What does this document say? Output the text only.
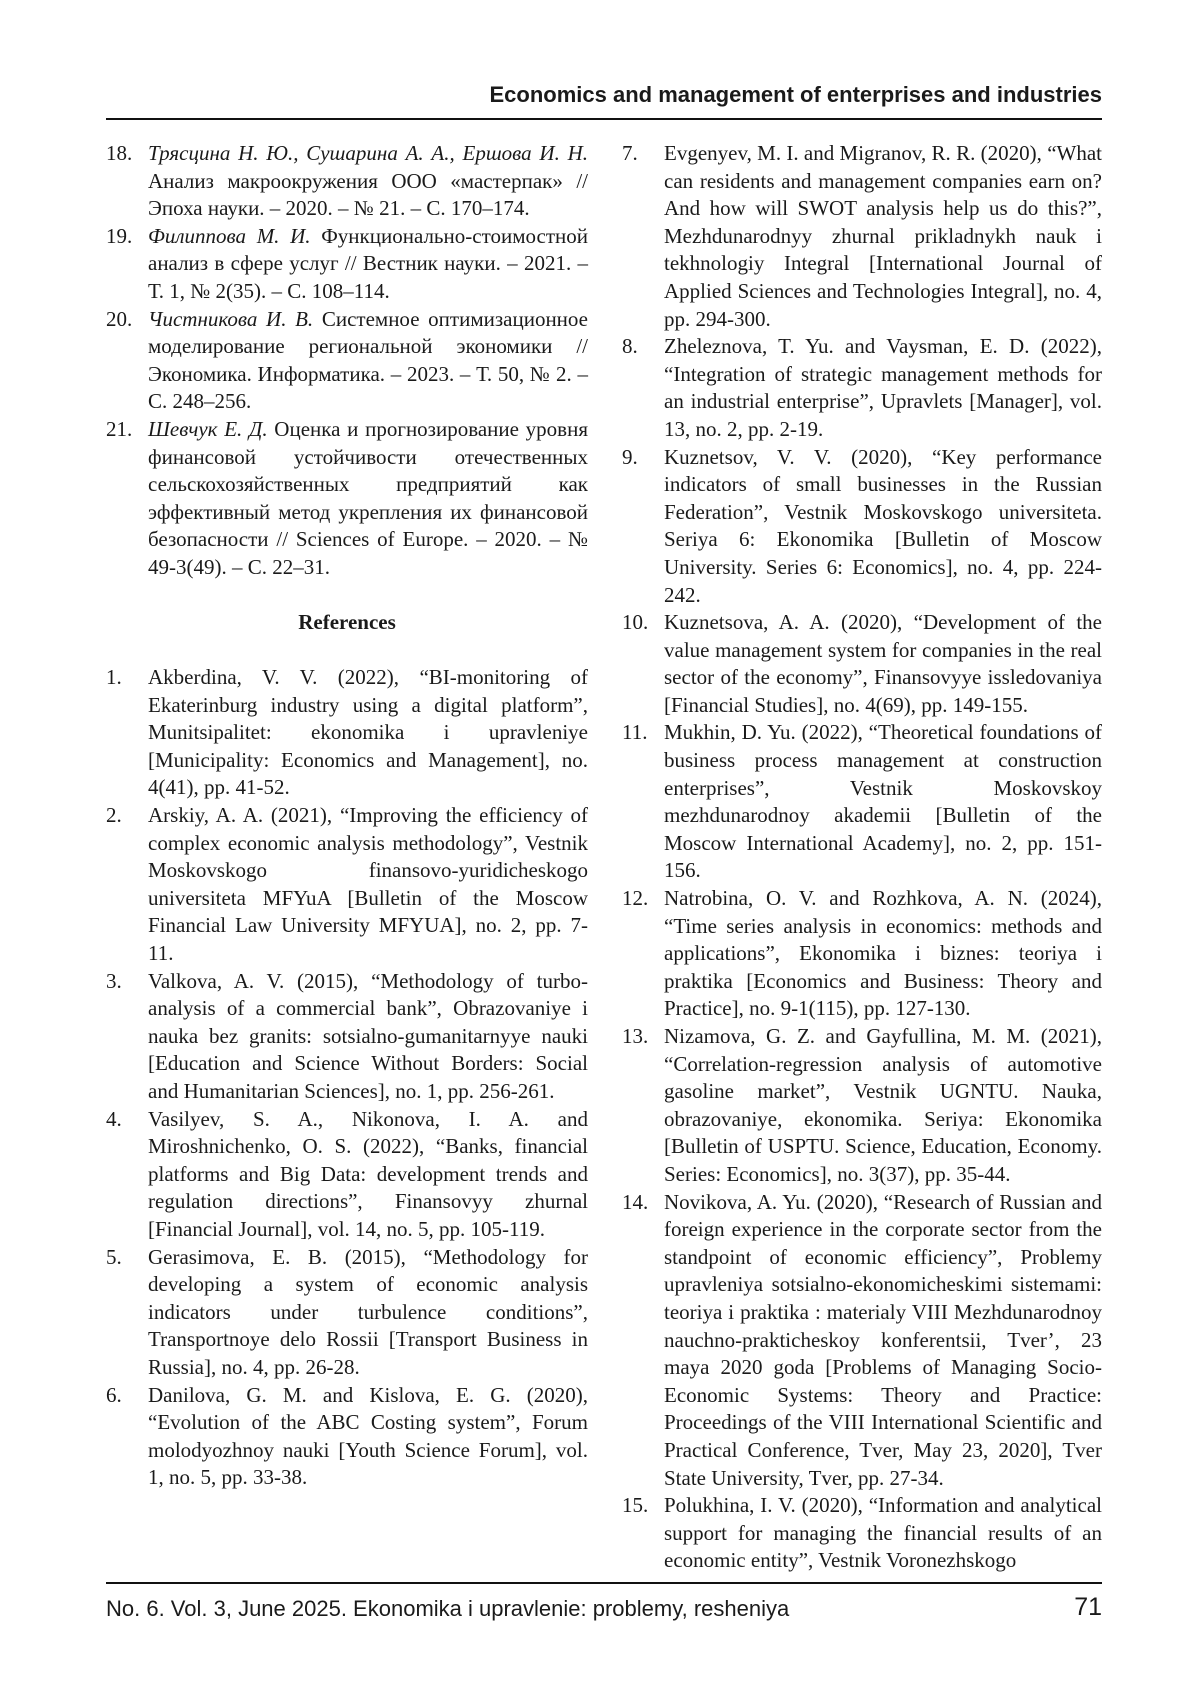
Economics and management of enterprises and industries
18. Трясцина Н. Ю., Сушарина А. А., Ершова И. Н. Анализ макроокружения ООО «мастерпак» // Эпоха науки. – 2020. – № 21. – С. 170–174.
19. Филиппова М. И. Функционально-стоимостной анализ в сфере услуг // Вестник науки. – 2021. – Т. 1, № 2(35). – С. 108–114.
20. Чистникова И. В. Системное оптимизационное моделирование региональной экономики // Экономика. Информатика. – 2023. – Т. 50, № 2. – С. 248–256.
21. Шевчук Е. Д. Оценка и прогнозирование уровня финансовой устойчивости отечественных сельскохозяйственных предприятий как эффективный метод укрепления их финансовой безопасности // Sciences of Europe. – 2020. – № 49-3(49). – С. 22–31.
References
1.	Akberdina, V. V. (2022), “BI-monitoring of Ekaterinburg industry using a digital platform”, Munitsipalitet: ekonomika i upravleniye [Municipality: Economics and Management], no. 4(41), pp. 41-52.
2.	Arskiy, A. A. (2021), “Improving the efficiency of complex economic analysis methodology”, Vestnik Moskovskogo finansovo-yuridicheskogo universiteta MFYuA [Bulletin of the Moscow Financial Law University MFYUA], no. 2, pp. 7-11.
3.	Valkova, A. V. (2015), “Methodology of turbo-analysis of a commercial bank”, Obrazovaniye i nauka bez granits: sotsialno-gumanitarnyye nauki [Education and Science Without Borders: Social and Humanitarian Sciences], no. 1, pp. 256-261.
4.	Vasilyev, S. A., Nikonova, I. A. and Miroshnichenko, O. S. (2022), “Banks, financial platforms and Big Data: development trends and regulation directions”, Finansovyy zhurnal [Financial Journal], vol. 14, no. 5, pp. 105-119.
5.	Gerasimova, E. B. (2015), “Methodology for developing a system of economic analysis indicators under turbulence conditions”, Transportnoye delo Rossii [Transport Business in Russia], no. 4, pp. 26-28.
6.	Danilova, G. M. and Kislova, E. G. (2020), “Evolution of the ABC Costing system”, Forum molodyozhnoy nauki [Youth Science Forum], vol. 1, no. 5, pp. 33-38.
7.	Evgenyev, M. I. and Migranov, R. R. (2020), “What can residents and management companies earn on? And how will SWOT analysis help us do this?”, Mezhdunarodnyy zhurnal prikladnykh nauk i tekhnologiy Integral [International Journal of Applied Sciences and Technologies Integral], no. 4, pp. 294-300.
8.	Zheleznova, T. Yu. and Vaysman, E. D. (2022), “Integration of strategic management methods for an industrial enterprise”, Upravlets [Manager], vol. 13, no. 2, pp. 2-19.
9.	Kuznetsov, V. V. (2020), “Key performance indicators of small businesses in the Russian Federation”, Vestnik Moskovskogo universiteta. Seriya 6: Ekonomika [Bulletin of Moscow University. Series 6: Economics], no. 4, pp. 224-242.
10. Kuznetsova, A. A. (2020), “Development of the value management system for companies in the real sector of the economy”, Finansovyye issledovaniya [Financial Studies], no. 4(69), pp. 149-155.
11. Mukhin, D. Yu. (2022), “Theoretical foundations of business process management at construction enterprises”, Vestnik Moskovskoy mezhdunarodnoy akademii [Bulletin of the Moscow International Academy], no. 2, pp. 151-156.
12. Natrobina, O. V. and Rozhkova, A. N. (2024), “Time series analysis in economics: methods and applications”, Ekonomika i biznes: teoriya i praktika [Economics and Business: Theory and Practice], no. 9-1(115), pp. 127-130.
13. Nizamova, G. Z. and Gayfullina, M. M. (2021), “Correlation-regression analysis of automotive gasoline market”, Vestnik UGNTU. Nauka, obrazovaniye, ekonomika. Seriya: Ekonomika [Bulletin of USPTU. Science, Education, Economy. Series: Economics], no. 3(37), pp. 35-44.
14. Novikova, A. Yu. (2020), “Research of Russian and foreign experience in the corporate sector from the standpoint of economic efficiency”, Problemy upravleniya sotsialno-ekonomicheskimi sistemami: teoriya i praktika : materialy VIII Mezhdunarodnoy nauchno-prakticheskoy konferentsii, Tver’, 23 maya 2020 goda [Problems of Managing Socio-Economic Systems: Theory and Practice: Proceedings of the VIII International Scientific and Practical Conference, Tver, May 23, 2020], Tver State University, Tver, pp. 27-34.
15. Polukhina, I. V. (2020), “Information and analytical support for managing the financial results of an economic entity”, Vestnik Voronezhskogo
No. 6. Vol. 3, June 2025. Ekonomika i upravlenie: problemy, resheniya	71
